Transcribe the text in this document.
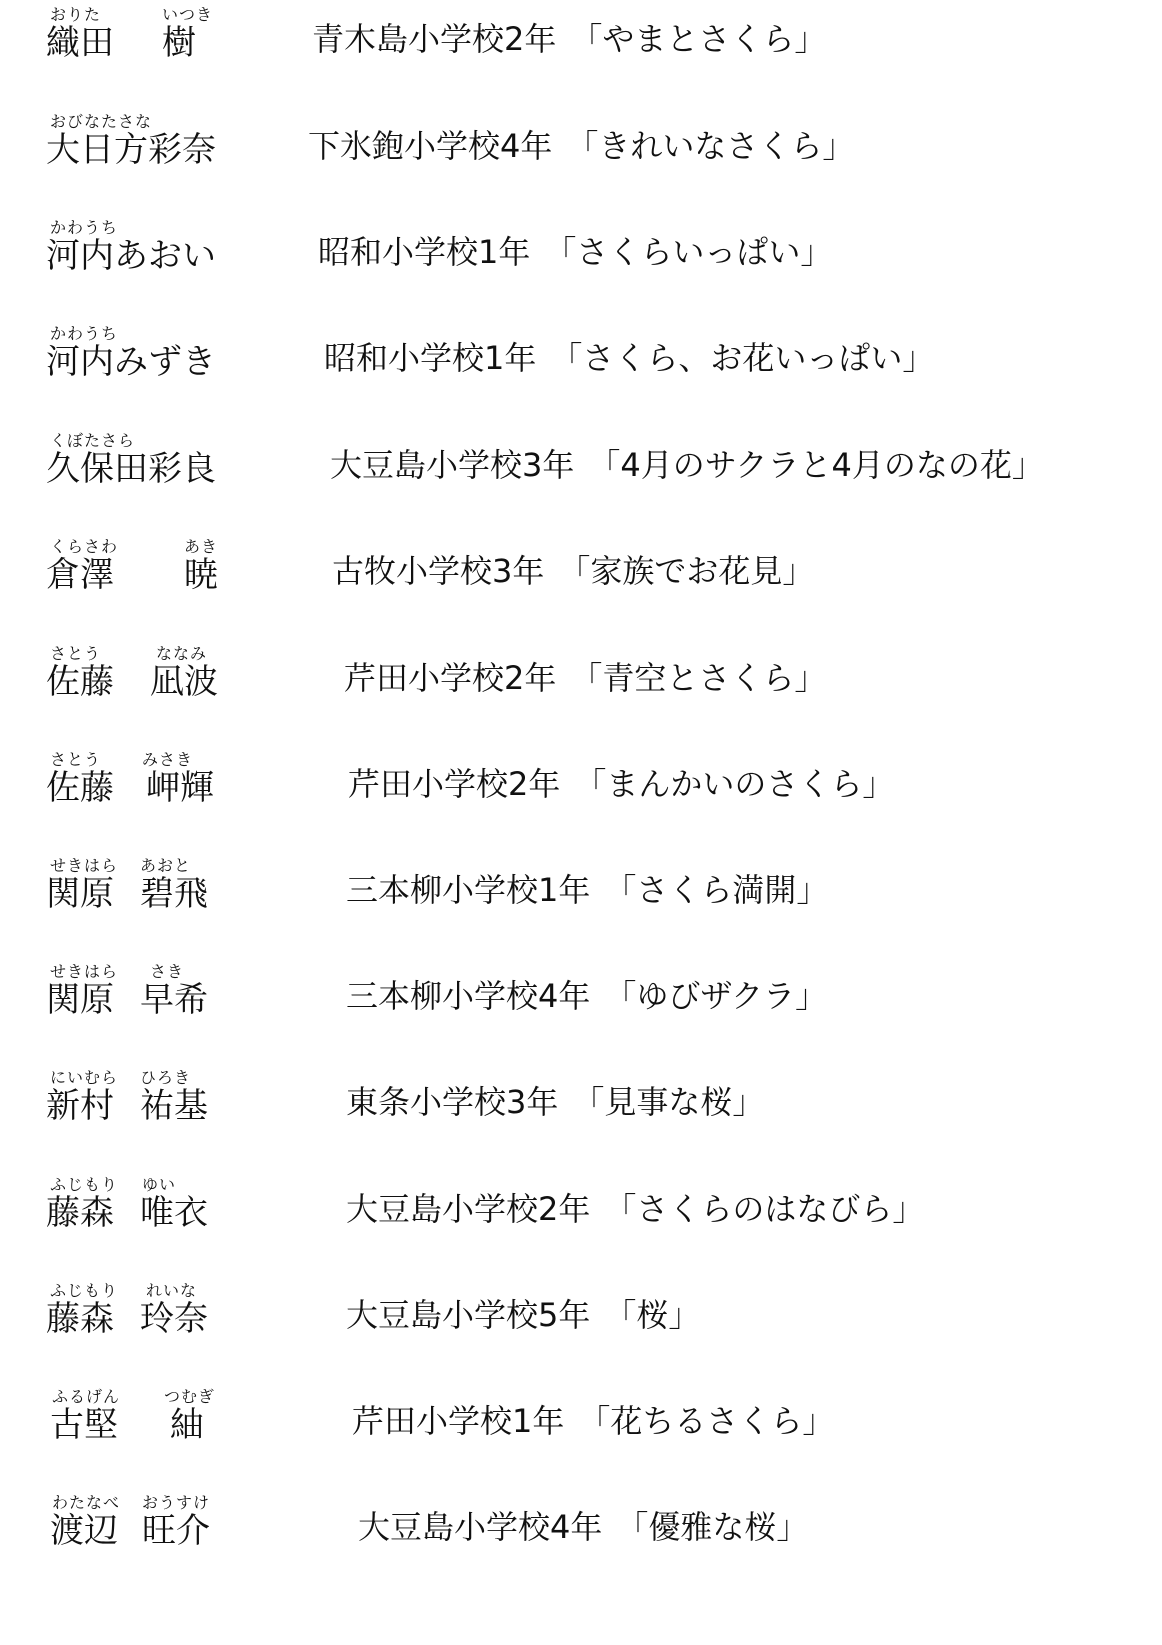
おりた	いつき
織田 樹	青木島小学校2年 「やまとさくら」
おびなたさな
大日方彩奈	下氷鉋小学校4年 「きれいなさくら」
かわうち
河内あおい	昭和小学校1年 「さくらいっぱい」
かわうち
河内みずき	昭和小学校1年 「さくら、お花いっぱい」
くぼたさら
久保田彩良	大豆島小学校3年 「4月のサクラと4月のなの花」
くらさわ	あき
倉澤 暁	古牧小学校3年 「家族でお花見」
さとう	ななみ
佐藤 凪波	芹田小学校2年 「青空とさくら」
さとう	みさき
佐藤 岬輝	芹田小学校2年 「まんかいのさくら」
せきはら あおと
関原 碧飛	三本柳小学校1年 「さくら満開」
せきはら さき
関原 早希	三本柳小学校4年 「ゆびザクラ」
にいむら ひろき
新村 祐基	東条小学校3年 「見事な桜」
ふじもり ゆい
藤森 唯衣	大豆島小学校2年 「さくらのはなびら」
ふじもり れいな
藤森 玲奈	大豆島小学校5年 「桜」
ふるげん	つむぎ
古堅 紬	芹田小学校1年 「花ちるさくら」
わたなべ おうすけ
渡辺 旺介	大豆島小学校4年 「優雅な桜」
